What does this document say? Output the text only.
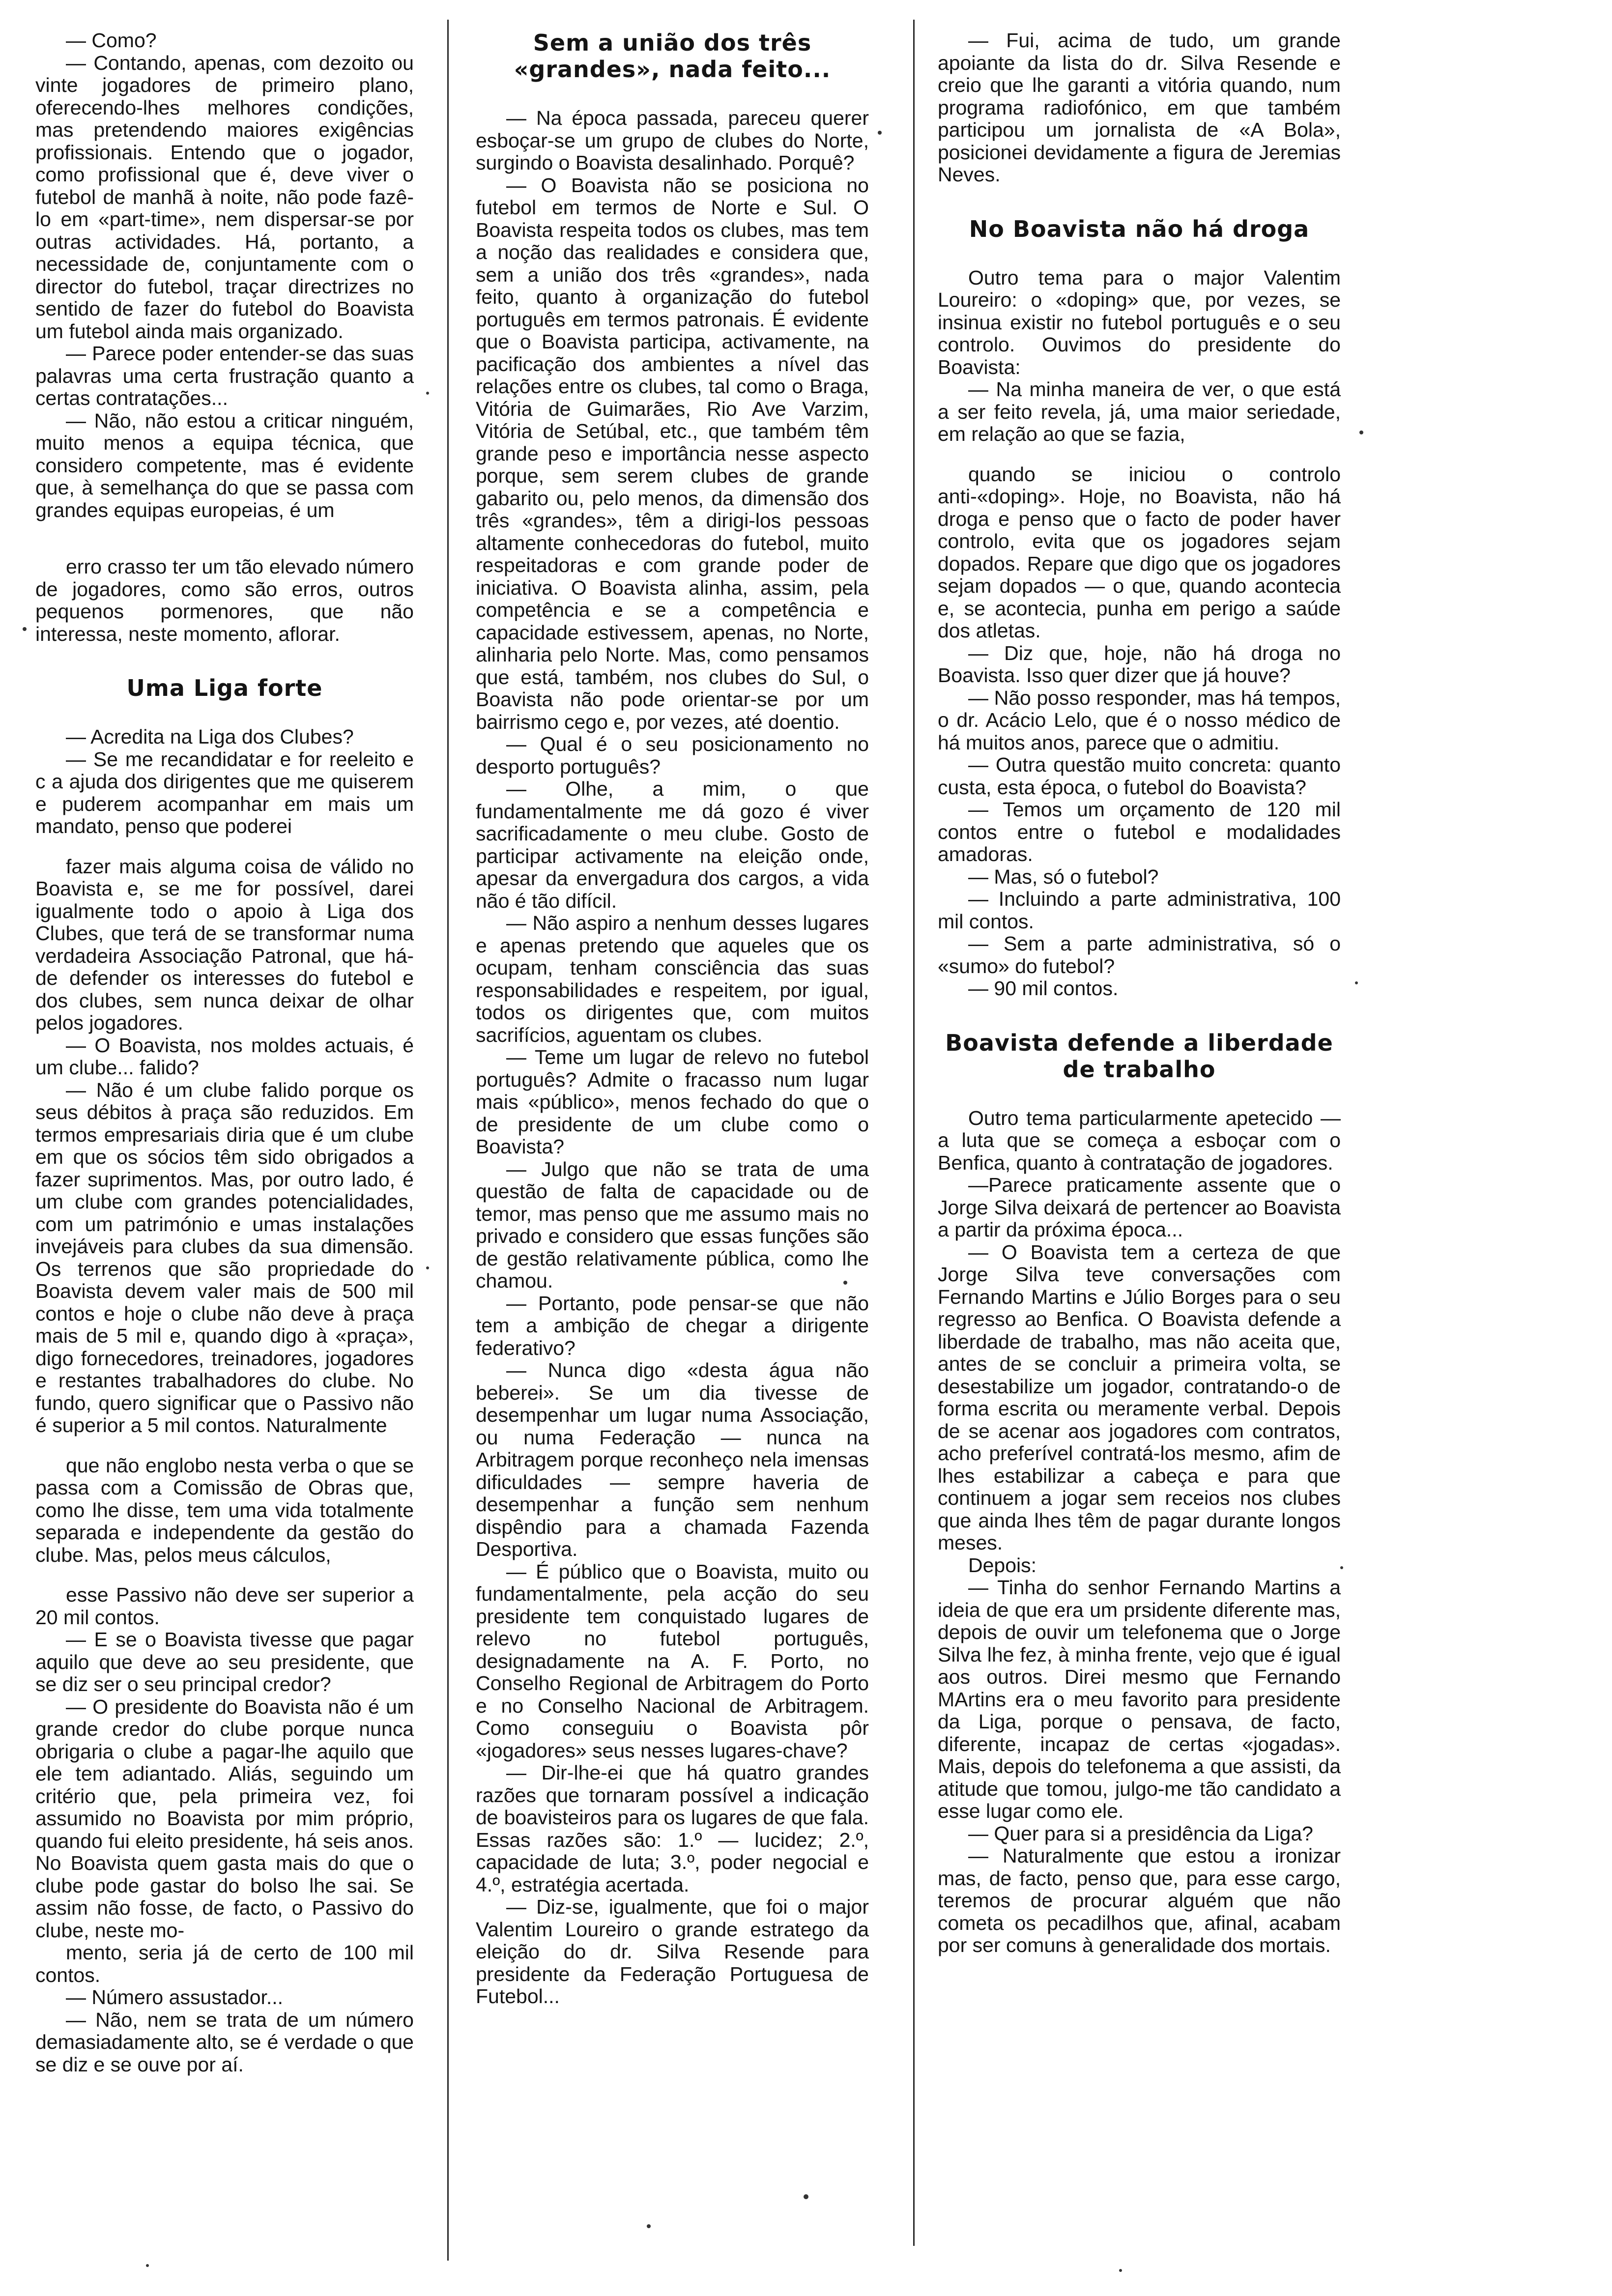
— Como?

— Contando, apenas, com dezoito ou vinte jogadores de primeiro plano, oferecendo-lhes melhores condições, mas pretendendo maiores exigências profissionais. Entendo que o jogador, como profissional que é, deve viver o futebol de manhã à noite, não pode fazê-lo em «part-time», nem dispersar-se por outras actividades. Há, portanto, a necessidade de, conjuntamente com o director do futebol, traçar directrizes no sentido de fazer do futebol do Boavista um futebol ainda mais organizado.

— Parece poder entender-se das suas palavras uma certa frustração quanto a certas contratações...

— Não, não estou a criticar ninguém, muito menos a equipa técnica, que considero competente, mas é evidente que, à semelhança do que se passa com grandes equipas europeias, é um

erro crasso ter um tão elevado número de jogadores, como são erros, outros pequenos pormenores, que não interessa, neste momento, aflorar.

Uma Liga forte

— Acredita na Liga dos Clubes?

— Se me recandidatar e for reeleito e c a ajuda dos dirigentes que me quiserem e puderem acompanhar em mais um mandato, penso que poderei

fazer mais alguma coisa de válido no Boavista e, se me for possível, darei igualmente todo o apoio à Liga dos Clubes, que terá de se transformar numa verdadeira Associação Patronal, que há-de defender os interesses do futebol e dos clubes, sem nunca deixar de olhar pelos jogadores.

— O Boavista, nos moldes actuais, é um clube... falido?

— Não é um clube falido porque os seus débitos à praça são reduzidos. Em termos empresariais diria que é um clube em que os sócios têm sido obrigados a fazer suprimentos. Mas, por outro lado, é um clube com grandes potencialidades, com um património e umas instalações invejáveis para clubes da sua dimensão. Os terrenos que são propriedade do Boavista devem valer mais de 500 mil contos e hoje o clube não deve à praça mais de 5 mil e, quando digo à «praça», digo fornecedores, treinadores, jogadores e restantes trabalhadores do clube. No fundo, quero significar que o Passivo não é superior a 5 mil contos. Naturalmente

que não englobo nesta verba o que se passa com a Comissão de Obras que, como lhe disse, tem uma vida totalmente separada e independente da gestão do clube. Mas, pelos meus cálculos,

esse Passivo não deve ser superior a 20 mil contos.

— E se o Boavista tivesse que pagar aquilo que deve ao seu presidente, que se diz ser o seu principal credor?

— O presidente do Boavista não é um grande credor do clube porque nunca obrigaria o clube a pagar-lhe aquilo que ele tem adiantado. Aliás, seguindo um critério que, pela primeira vez, foi assumido no Boavista por mim próprio, quando fui eleito presidente, há seis anos. No Boavista quem gasta mais do que o clube pode gastar do bolso lhe sai. Se assim não fosse, de facto, o Passivo do clube, neste mo-

mento, seria já de certo de 100 mil contos.

— Número assustador...

— Não, nem se trata de um número demasiadamente alto, se é verdade o que se diz e se ouve por aí.

Sem a união dos três «grandes», nada feito...

— Na época passada, pareceu querer esboçar-se um grupo de clubes do Norte, surgindo o Boavista desalinhado. Porquê?

— O Boavista não se posiciona no futebol em termos de Norte e Sul. O Boavista respeita todos os clubes, mas tem a noção das realidades e considera que, sem a união dos três «grandes», nada feito, quanto à organização do futebol português em termos patronais. É evidente que o Boavista participa, activamente, na pacificação dos ambientes a nível das relações entre os clubes, tal como o Braga, Vitória de Guimarães, Rio Ave Varzim, Vitória de Setúbal, etc., que também têm grande peso e importância nesse aspecto porque, sem serem clubes de grande gabarito ou, pelo menos, da dimensão dos três «grandes», têm a dirigi-los pessoas altamente conhecedoras do futebol, muito respeitadoras e com grande poder de iniciativa. O Boavista alinha, assim, pela competência e se a competência e capacidade estivessem, apenas, no Norte, alinharia pelo Norte. Mas, como pensamos que está, também, nos clubes do Sul, o Boavista não pode orientar-se por um bairrismo cego e, por vezes, até doentio.

— Qual é o seu posicionamento no desporto português?

— Olhe, a mim, o que fundamentalmente me dá gozo é viver sacrificadamente o meu clube. Gosto de participar activamente na eleição onde, apesar da envergadura dos cargos, a vida não é tão difícil.

— Não aspiro a nenhum desses lugares e apenas pretendo que aqueles que os ocupam, tenham consciência das suas responsabilidades e respeitem, por igual, todos os dirigentes que, com muitos sacrifícios, aguentam os clubes.

— Teme um lugar de relevo no futebol português? Admite o fracasso num lugar mais «público», menos fechado do que o de presidente de um clube como o Boavista?

— Julgo que não se trata de uma questão de falta de capacidade ou de temor, mas penso que me assumo mais no privado e considero que essas funções são de gestão relativamente pública, como lhe chamou.

— Portanto, pode pensar-se que não tem a ambição de chegar a dirigente federativo?

— Nunca digo «desta água não beberei». Se um dia tivesse de desempenhar um lugar numa Associação, ou numa Federação — nunca na Arbitragem porque reconheço nela imensas dificuldades — sempre haveria de desempenhar a função sem nenhum dispêndio para a chamada Fazenda Desportiva.

— É público que o Boavista, muito ou fundamentalmente, pela acção do seu presidente tem conquistado lugares de relevo no futebol português, designadamente na A. F. Porto, no Conselho Regional de Arbitragem do Porto e no Conselho Nacional de Arbitragem. Como conseguiu o Boavista pôr «jogadores» seus nesses lugares-chave?

— Dir-lhe-ei que há quatro grandes razões que tornaram possível a indicação de boavisteiros para os lugares de que fala. Essas razões são: 1.º — lucidez; 2.º, capacidade de luta; 3.º, poder negocial e 4.º, estratégia acertada.

— Diz-se, igualmente, que foi o major Valentim Loureiro o grande estratego da eleição do dr. Silva Resende para presidente da Federação Portuguesa de Futebol...

— Fui, acima de tudo, um grande apoiante da lista do dr. Silva Resende e creio que lhe garanti a vitória quando, num programa radiofónico, em que também participou um jornalista de «A Bola», posicionei devidamente a figura de Jeremias Neves.

No Boavista não há droga

Outro tema para o major Valentim Loureiro: o «doping» que, por vezes, se insinua existir no futebol português e o seu controlo. Ouvimos do presidente do Boavista:

— Na minha maneira de ver, o que está a ser feito revela, já, uma maior seriedade, em relação ao que se fazia,

quando se iniciou o controlo anti-«doping». Hoje, no Boavista, não há droga e penso que o facto de poder haver controlo, evita que os jogadores sejam dopados. Repare que digo que os jogadores sejam dopados — o que, quando acontecia e, se acontecia, punha em perigo a saúde dos atletas.

— Diz que, hoje, não há droga no Boavista. Isso quer dizer que já houve?

— Não posso responder, mas há tempos, o dr. Acácio Lelo, que é o nosso médico de há muitos anos, parece que o admitiu.

— Outra questão muito concreta: quanto custa, esta época, o futebol do Boavista?

— Temos um orçamento de 120 mil contos entre o futebol e modalidades amadoras.

— Mas, só o futebol?

— Incluindo a parte administrativa, 100 mil contos.

— Sem a parte administrativa, só o «sumo» do futebol?

— 90 mil contos.

Boavista defende a liberdade de trabalho

Outro tema particularmente apetecido — a luta que se começa a esboçar com o Benfica, quanto à contratação de jogadores.

—Parece praticamente assente que o Jorge Silva deixará de pertencer ao Boavista a partir da próxima época...

— O Boavista tem a certeza de que Jorge Silva teve conversações com Fernando Martins e Júlio Borges para o seu regresso ao Benfica. O Boavista defende a liberdade de trabalho, mas não aceita que, antes de se concluir a primeira volta, se desestabilize um jogador, contratando-o de forma escrita ou meramente verbal. Depois de se acenar aos jogadores com contratos, acho preferível contratá-los mesmo, afim de lhes estabilizar a cabeça e para que continuem a jogar sem receios nos clubes que ainda lhes têm de pagar durante longos meses.

Depois:

— Tinha do senhor Fernando Martins a ideia de que era um prsidente diferente mas, depois de ouvir um telefonema que o Jorge Silva lhe fez, à minha frente, vejo que é igual aos outros. Direi mesmo que Fernando MArtins era o meu favorito para presidente da Liga, porque o pensava, de facto, diferente, incapaz de certas «jogadas». Mais, depois do telefonema a que assisti, da atitude que tomou, julgo-me tão candidato a esse lugar como ele.

— Quer para si a presidência da Liga?

— Naturalmente que estou a ironizar mas, de facto, penso que, para esse cargo, teremos de procurar alguém que não cometa os pecadilhos que, afinal, acabam por ser comuns à generalidade dos mortais.
